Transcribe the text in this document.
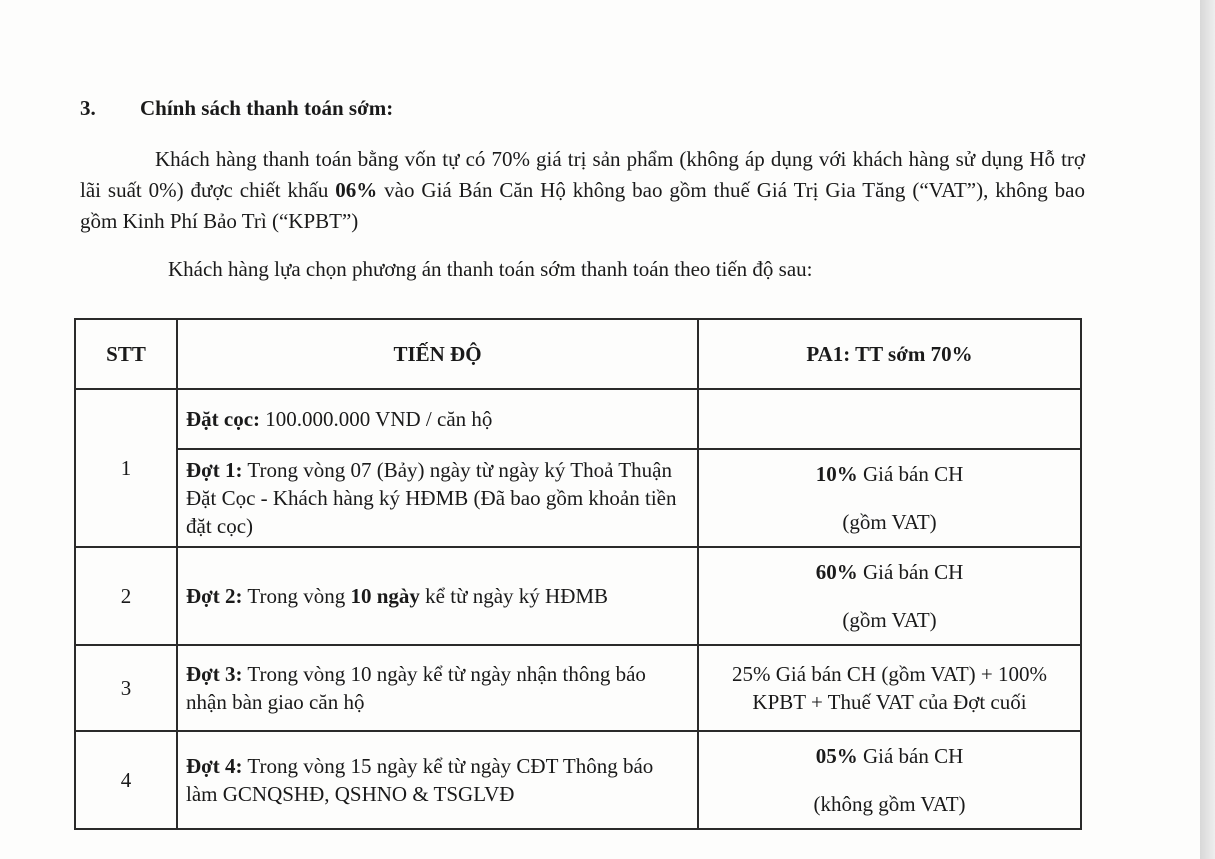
3. Chính sách thanh toán sớm:

Khách hàng thanh toán bằng vốn tự có 70% giá trị sản phẩm (không áp dụng với khách hàng sử dụng Hỗ trợ lãi suất 0%) được chiết khấu 06% vào Giá Bán Căn Hộ không bao gồm thuế Giá Trị Gia Tăng (“VAT”), không bao gồm Kinh Phí Bảo Trì (“KPBT”)

Khách hàng lựa chọn phương án thanh toán sớm thanh toán theo tiến độ sau:
STT	TIẾN ĐỘ	PA1: TT sớm 70%
1	Đặt cọc: 100.000.000 VND / căn hộ	
	Đợt 1: Trong vòng 07 (Bảy) ngày từ ngày ký Thoả Thuận Đặt Cọc - Khách hàng ký HĐMB (Đã bao gồm khoản tiền đặt cọc)	10% Giá bán CH
(gồm VAT)
2	Đợt 2: Trong vòng 10 ngày kể từ ngày ký HĐMB	60% Giá bán CH
(gồm VAT)
3	Đợt 3: Trong vòng 10 ngày kể từ ngày nhận thông báo nhận bàn giao căn hộ	25% Giá bán CH (gồm VAT) + 100% KPBT + Thuế VAT của Đợt cuối
4	Đợt 4: Trong vòng 15 ngày kể từ ngày CĐT Thông báo làm GCNQSHĐ, QSHNO & TSGLVĐ	05% Giá bán CH
(không gồm VAT)
